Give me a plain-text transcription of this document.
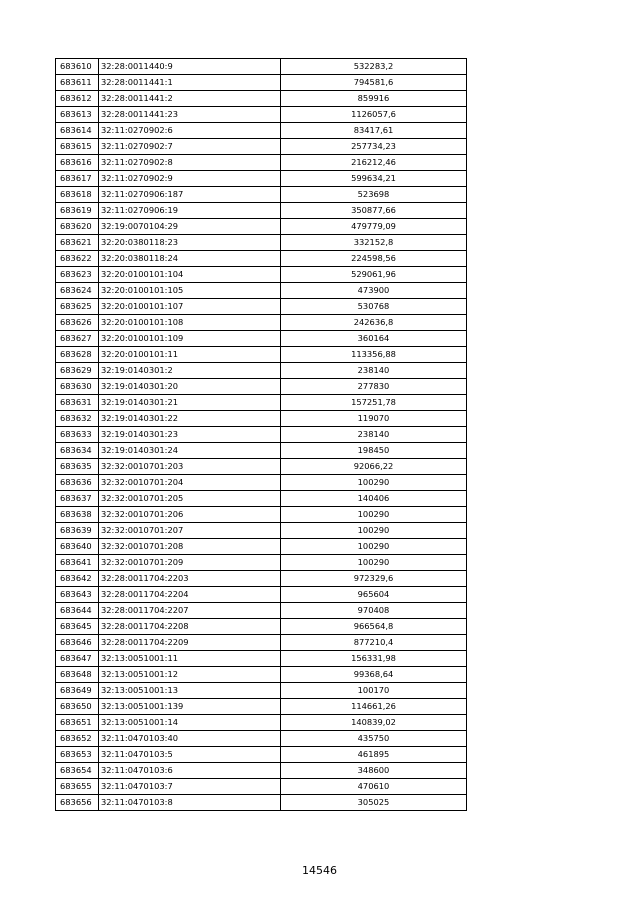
683610	32:28:0011440:9	532283,2
683611	32:28:0011441:1	794581,6
683612	32:28:0011441:2	859916
683613	32:28:0011441:23	1126057,6
683614	32:11:0270902:6	83417,61
683615	32:11:0270902:7	257734,23
683616	32:11:0270902:8	216212,46
683617	32:11:0270902:9	599634,21
683618	32:11:0270906:187	523698
683619	32:11:0270906:19	350877,66
683620	32:19:0070104:29	479779,09
683621	32:20:0380118:23	332152,8
683622	32:20:0380118:24	224598,56
683623	32:20:0100101:104	529061,96
683624	32:20:0100101:105	473900
683625	32:20:0100101:107	530768
683626	32:20:0100101:108	242636,8
683627	32:20:0100101:109	360164
683628	32:20:0100101:11	113356,88
683629	32:19:0140301:2	238140
683630	32:19:0140301:20	277830
683631	32:19:0140301:21	157251,78
683632	32:19:0140301:22	119070
683633	32:19:0140301:23	238140
683634	32:19:0140301:24	198450
683635	32:32:0010701:203	92066,22
683636	32:32:0010701:204	100290
683637	32:32:0010701:205	140406
683638	32:32:0010701:206	100290
683639	32:32:0010701:207	100290
683640	32:32:0010701:208	100290
683641	32:32:0010701:209	100290
683642	32:28:0011704:2203	972329,6
683643	32:28:0011704:2204	965604
683644	32:28:0011704:2207	970408
683645	32:28:0011704:2208	966564,8
683646	32:28:0011704:2209	877210,4
683647	32:13:0051001:11	156331,98
683648	32:13:0051001:12	99368,64
683649	32:13:0051001:13	100170
683650	32:13:0051001:139	114661,26
683651	32:13:0051001:14	140839,02
683652	32:11:0470103:40	435750
683653	32:11:0470103:5	461895
683654	32:11:0470103:6	348600
683655	32:11:0470103:7	470610
683656	32:11:0470103:8	305025
14546
